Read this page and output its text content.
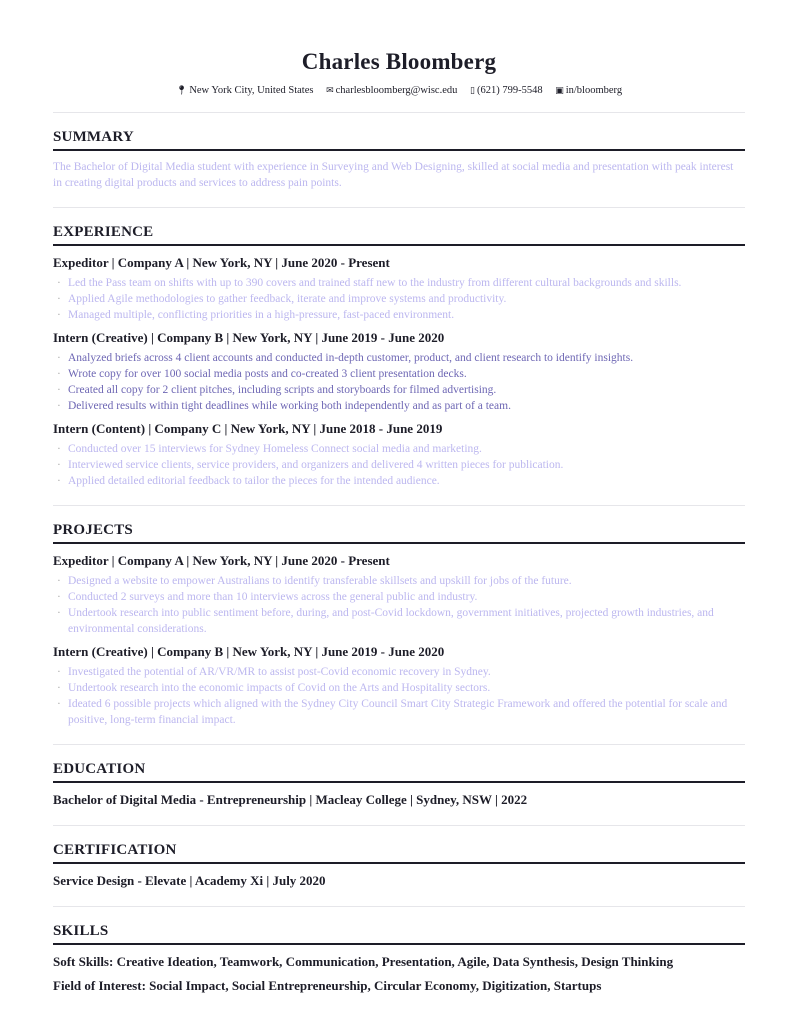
Charles Bloomberg
📍︎ New York City, United States ✉ charlesbloomberg@wisc.edu ▯ (621) 799-5548 ▣ in/bloomberg
SUMMARY
The Bachelor of Digital Media student with experience in Surveying and Web Designing, skilled at social media and presentation with peak interest in creating digital products and services to address pain points.
EXPERIENCE
Expeditor | Company A | New York, NY | June 2020 - Present
· Led the Pass team on shifts with up to 390 covers and trained staff new to the industry from different cultural backgrounds and skills.
· Applied Agile methodologies to gather feedback, iterate and improve systems and productivity.
· Managed multiple, conflicting priorities in a high-pressure, fast-paced environment.
Intern (Creative) | Company B | New York, NY | June 2019 - June 2020
· Analyzed briefs across 4 client accounts and conducted in-depth customer, product, and client research to identify insights.
· Wrote copy for over 100 social media posts and co-created 3 client presentation decks.
· Created all copy for 2 client pitches, including scripts and storyboards for filmed advertising.
· Delivered results within tight deadlines while working both independently and as part of a team.
Intern (Content) | Company C | New York, NY | June 2018 - June 2019
· Conducted over 15 interviews for Sydney Homeless Connect social media and marketing.
· Interviewed service clients, service providers, and organizers and delivered 4 written pieces for publication.
· Applied detailed editorial feedback to tailor the pieces for the intended audience.
PROJECTS
Expeditor | Company A | New York, NY | June 2020 - Present
· Designed a website to empower Australians to identify transferable skillsets and upskill for jobs of the future.
· Conducted 2 surveys and more than 10 interviews across the general public and industry.
· Undertook research into public sentiment before, during, and post-Covid lockdown, government initiatives, projected growth industries, and environmental considerations.
Intern (Creative) | Company B | New York, NY | June 2019 - June 2020
· Investigated the potential of AR/VR/MR to assist post-Covid economic recovery in Sydney.
· Undertook research into the economic impacts of Covid on the Arts and Hospitality sectors.
· Ideated 6 possible projects which aligned with the Sydney City Council Smart City Strategic Framework and offered the potential for scale and positive, long-term financial impact.
EDUCATION
Bachelor of Digital Media - Entrepreneurship | Macleay College | Sydney, NSW | 2022
CERTIFICATION
Service Design - Elevate | Academy Xi | July 2020
SKILLS
Soft Skills: Creative Ideation, Teamwork, Communication, Presentation, Agile, Data Synthesis, Design Thinking
Field of Interest: Social Impact, Social Entrepreneurship, Circular Economy, Digitization, Startups
